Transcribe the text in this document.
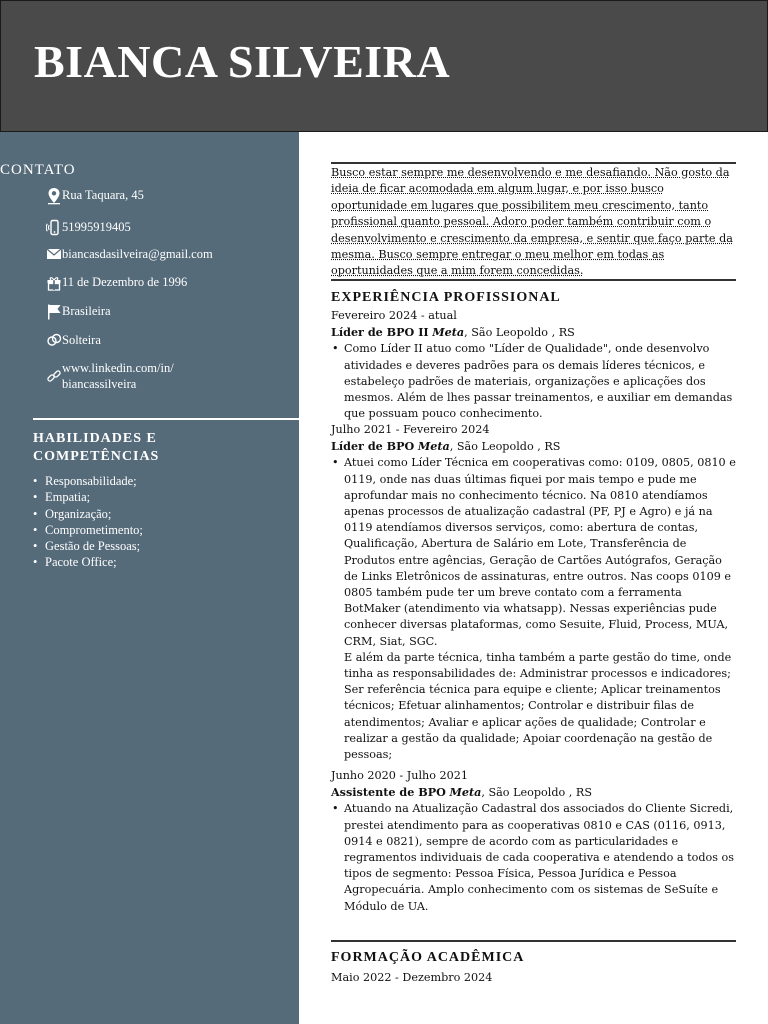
BIANCA SILVEIRA
CONTATO
Rua Taquara, 45
51995919405
biancasdasilveira@gmail.com
11 de Dezembro de 1996
Brasileira
Solteira
www.linkedin.com/in/
biancassilveira
HABILIDADES E COMPETÊNCIAS
• Responsabilidade;
• Empatia;
• Organização;
• Comprometimento;
• Gestão de Pessoas;
• Pacote Office;
Busco estar sempre me desenvolvendo e me desafiando. Não gosto da ideia de ficar acomodada em algum lugar, e por isso busco oportunidade em lugares que possibilitem meu crescimento, tanto profissional quanto pessoal. Adoro poder também contribuir com o desenvolvimento e crescimento da empresa, e sentir que faço parte da mesma. Busco sempre entregar o meu melhor em todas as oportunidades que a mim forem concedidas.
EXPERIÊNCIA PROFISSIONAL
Fevereiro 2024 - atual
Líder de BPO II Meta, São Leopoldo , RS
• Como Líder II atuo como "Líder de Qualidade", onde desenvolvo atividades e deveres padrões para os demais líderes técnicos, e estabeleço padrões de materiais, organizações e aplicações dos mesmos. Além de lhes passar treinamentos, e auxiliar em demandas que possuam pouco conhecimento.
Julho 2021 - Fevereiro 2024
Líder de BPO Meta, São Leopoldo , RS

• Atuei como Líder Técnica em cooperativas como: 0109, 0805, 0810 e 0119, onde nas duas últimas fiquei por mais tempo e pude me aprofundar mais no conhecimento técnico. Na 0810 atendíamos apenas processos de atualização cadastral (PF, PJ e Agro) e já na 0119 atendíamos diversos serviços, como: abertura de contas, Qualificação, Abertura de Salário em Lote, Transferência de Produtos entre agências, Geração de Cartões Autógrafos, Geração de Links Eletrônicos de assinaturas, entre outros. Nas coops 0109 e 0805 também pude ter um breve contato com a ferramenta BotMaker (atendimento via whatsapp). Nessas experiências pude conhecer diversas plataformas, como Sesuite, Fluid, Process, MUA, CRM, Siat, SGC.

E além da parte técnica, tinha também a parte gestão do time, onde tinha as responsabilidades de: Administrar processos e indicadores; Ser referência técnica para equipe e cliente; Aplicar treinamentos técnicos; Efetuar alinhamentos; Controlar e distribuir filas de atendimentos; Avaliar e aplicar ações de qualidade; Controlar e realizar a gestão da qualidade; Apoiar coordenação na gestão de pessoas;

Junho 2020 - Julho 2021
Assistente de BPO Meta, São Leopoldo , RS
• Atuando na Atualização Cadastral dos associados do Cliente Sicredi, prestei atendimento para as cooperativas 0810 e CAS (0116, 0913, 0914 e 0821), sempre de acordo com as particularidades e regramentos individuais de cada cooperativa e atendendo a todos os tipos de segmento: Pessoa Física, Pessoa Jurídica e Pessoa Agropecuária. Amplo conhecimento com os sistemas de SeSuíte e Módulo de UA.
FORMAÇÃO ACADÊMICA
Maio 2022 - Dezembro 2024
